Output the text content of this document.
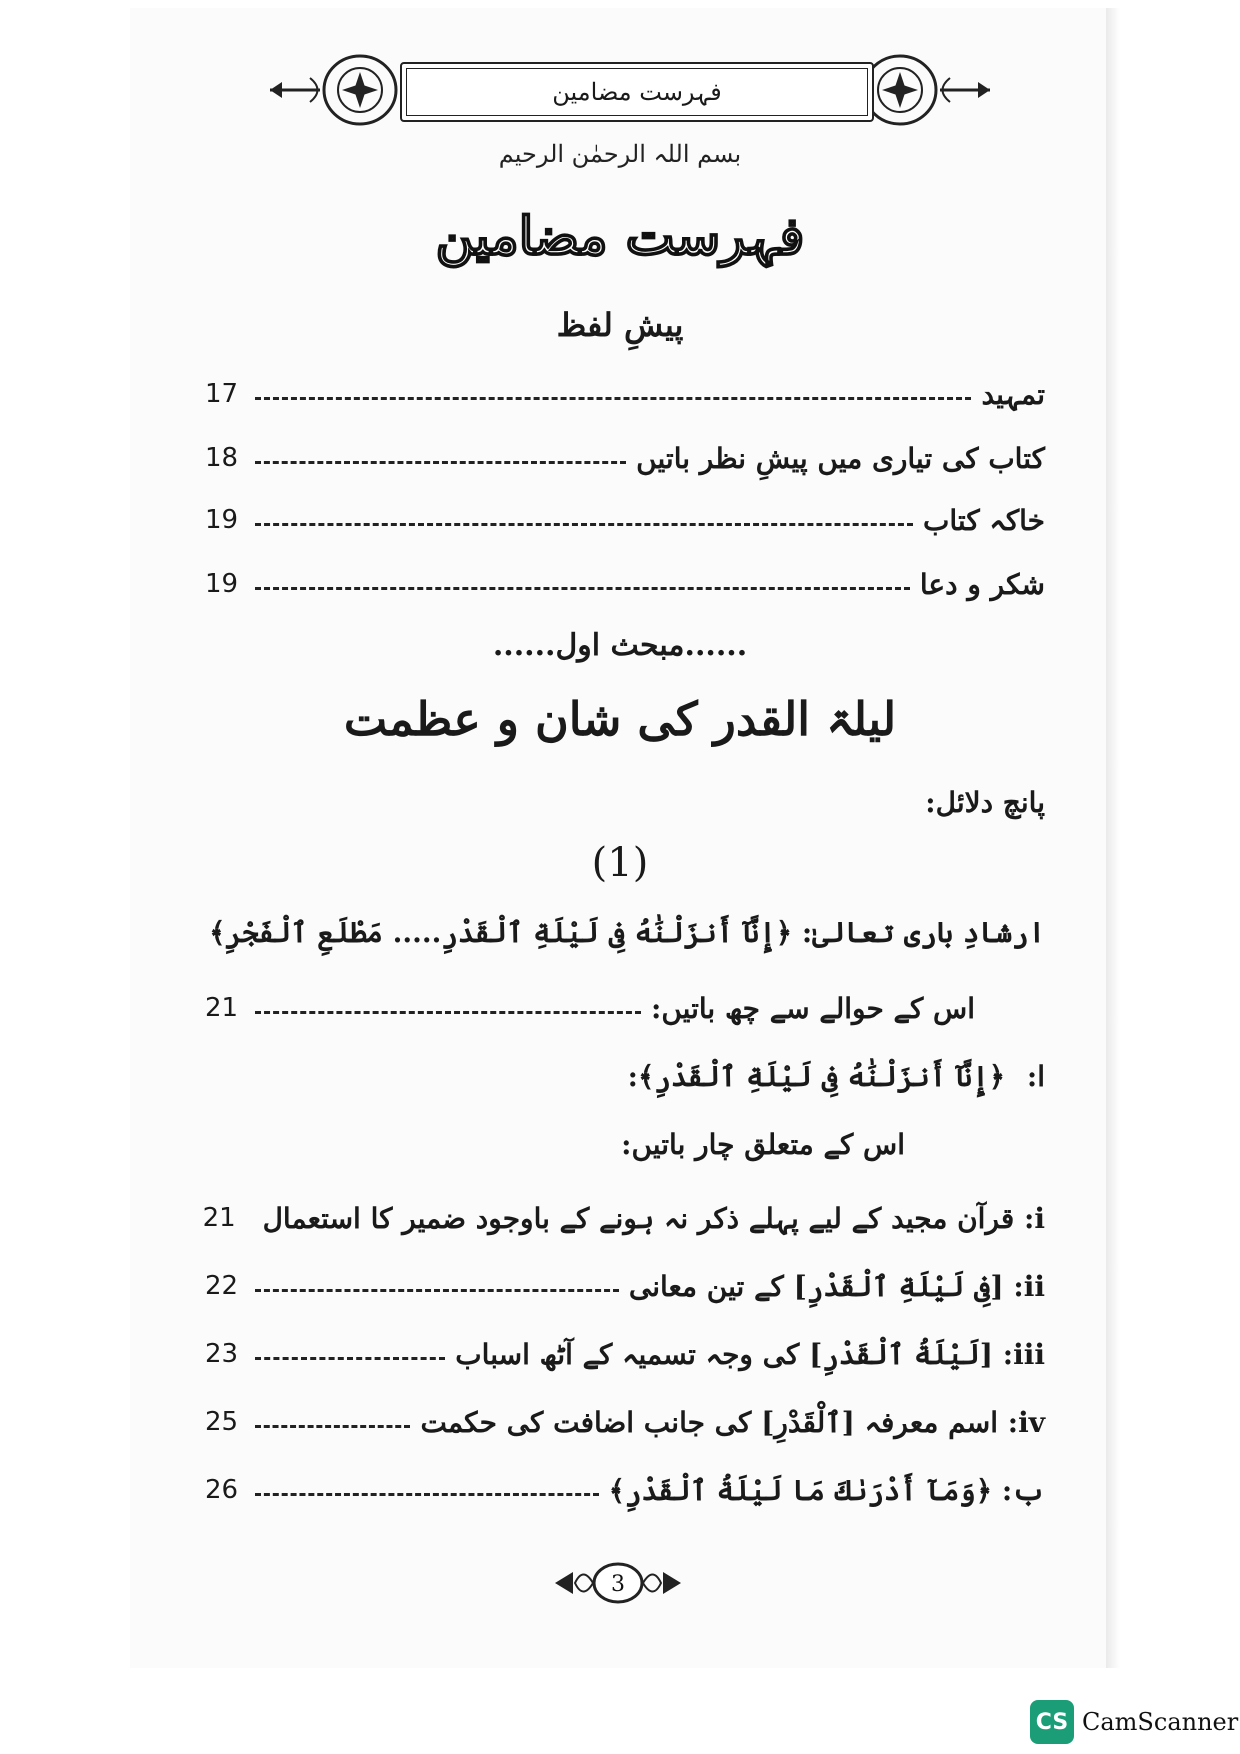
فہرست مضامین
بسم اللہ الرحمٰن الرحیم
فہرست مضامین
پیشِ لفظ
تمہید
17
کتاب کی تیاری میں پیشِ نظر باتیں
18
خاکہ کتاب
19
شکر و دعا
19
......مبحث اول......
لیلۃ القدر کی شان و عظمت
پانچ دلائل:
(1)
ارشادِ باری تعالیٰ: ﴿إِنَّآ أَنزَلْنَٰهُ فِى لَيْلَةِ ٱلْقَدْرِ..... مَطْلَعِ ٱلْفَجْرِ﴾
اس کے حوالے سے چھ باتیں:
21
ا: ﴿إِنَّآ أَنزَلْنَٰهُ فِى لَيْلَةِ ٱلْقَدْرِ﴾:
اس کے متعلق چار باتیں:
i: قرآن مجید کے لیے پہلے ذکر نہ ہونے کے باوجود ضمیر کا استعمال
21
ii: [فِى لَيْلَةِ ٱلْقَدْرِ] کے تین معانی
22
iii: [لَيْلَةُ ٱلْقَدْرِ] کی وجہ تسمیہ کے آٹھ اسباب
23
iv: اسم معرفہ [ٱلْقَدْرِ] کی جانب اضافت کی حکمت
25
ب: ﴿وَمَآ أَدْرَىٰكَ مَا لَيْلَةُ ٱلْقَدْرِ﴾
26
3
CS CamScanner
